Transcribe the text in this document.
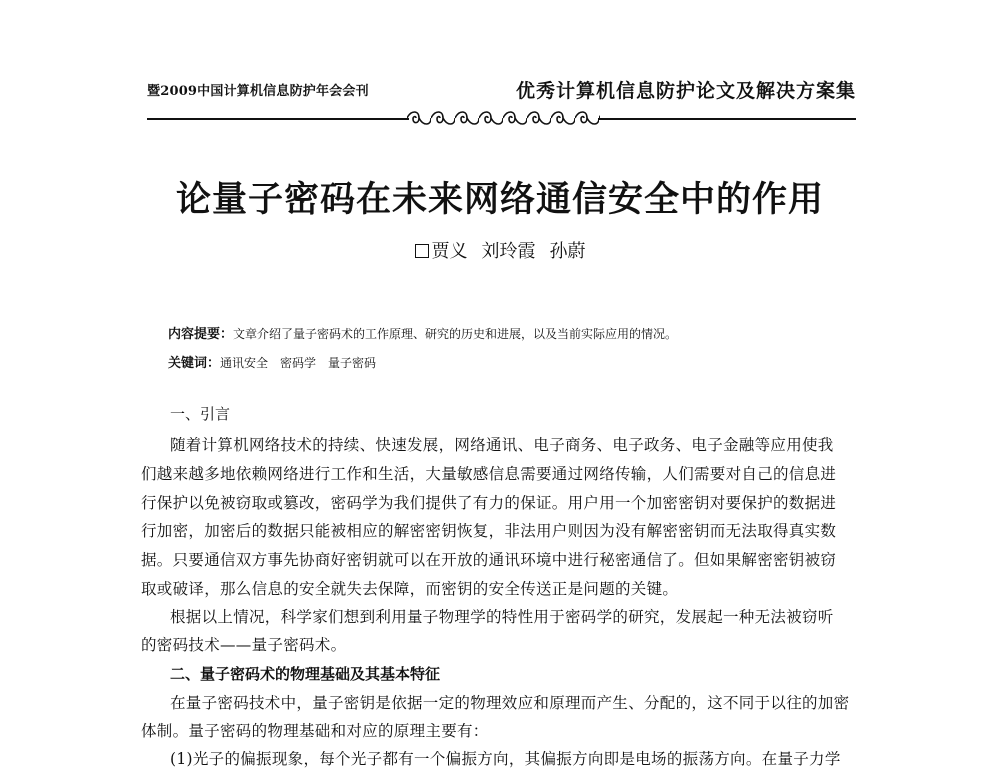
暨2009中国计算机信息防护年会会刊	优秀计算机信息防护论文及解决方案集
论量子密码在未来网络通信安全中的作用
贾义 刘玲霞 孙蔚
内容提要：文章介绍了量子密码术的工作原理、研究的历史和进展，以及当前实际应用的情况。
关键词：通讯安全　密码学　量子密码
一、引言
随着计算机网络技术的持续、快速发展，网络通讯、电子商务、电子政务、电子金融等应用使我
们越来越多地依赖网络进行工作和生活，大量敏感信息需要通过网络传输，人们需要对自己的信息进
行保护以免被窃取或篡改，密码学为我们提供了有力的保证。用户用一个加密密钥对要保护的数据进
行加密，加密后的数据只能被相应的解密密钥恢复，非法用户则因为没有解密密钥而无法取得真实数
据。只要通信双方事先协商好密钥就可以在开放的通讯环境中进行秘密通信了。但如果解密密钥被窃
取或破译，那么信息的安全就失去保障，而密钥的安全传送正是问题的关键。
根据以上情况，科学家们想到利用量子物理学的特性用于密码学的研究，发展起一种无法被窃听
的密码技术——量子密码术。
二、量子密码术的物理基础及其基本特征
在量子密码技术中，量子密钥是依据一定的物理效应和原理而产生、分配的，这不同于以往的加密
体制。量子密码的物理基础和对应的原理主要有：
(1)光子的偏振现象，每个光子都有一个偏振方向，其偏振方向即是电场的振荡方向。在量子力学
